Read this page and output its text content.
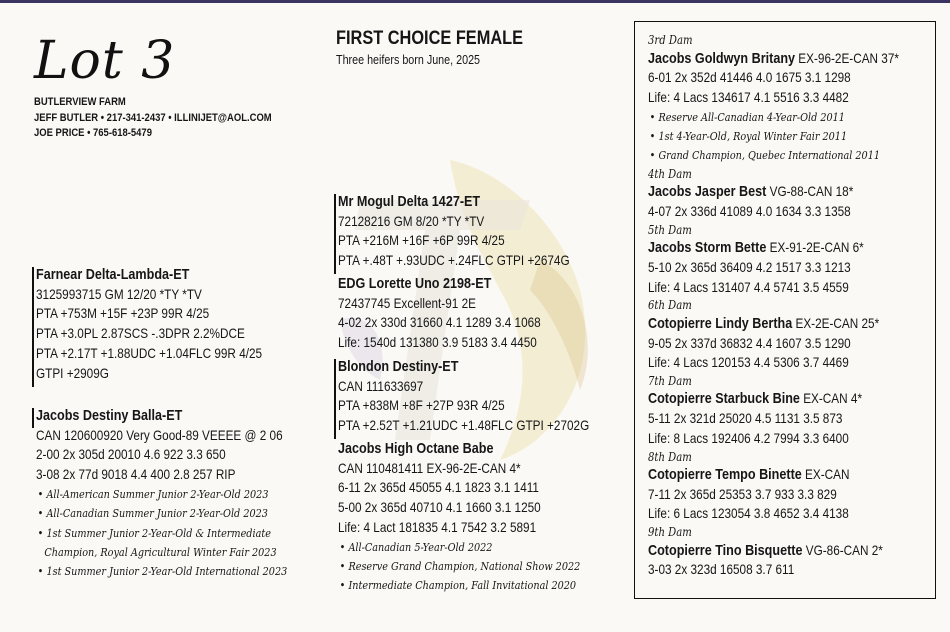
Lot 3
BUTLERVIEW FARM
JEFF BUTLER • 217-341-2437 • ILLINIJET@AOL.COM
JOE PRICE • 765-618-5479
FIRST CHOICE FEMALE
Three heifers born June, 2025
Farnear Delta-Lambda-ET
3125993715 GM 12/20 *TY *TV
PTA +753M +15F +23P 99R 4/25
PTA +3.0PL 2.87SCS -.3DPR 2.2%DCE
PTA +2.17T +1.88UDC +1.04FLC 99R 4/25
GTPI +2909G
Jacobs Destiny Balla-ET
CAN 120600920 Very Good-89 VEEEE @ 2 06
2-00 2x 305d 20010 4.6 922 3.3 650
3-08 2x 77d 9018 4.4 400 2.8 257 RIP
• All-American Summer Junior 2-Year-Old 2023
• All-Canadian Summer Junior 2-Year-Old 2023
• 1st Summer Junior 2-Year-Old & Intermediate
Champion, Royal Agricultural Winter Fair 2023
• 1st Summer Junior 2-Year-Old International 2023
Mr Mogul Delta 1427-ET
72128216 GM 8/20 *TY *TV
PTA +216M +16F +6P 99R 4/25
PTA +.48T +.93UDC +.24FLC GTPI +2674G
EDG Lorette Uno 2198-ET
72437745 Excellent-91 2E
4-02 2x 330d 31660 4.1 1289 3.4 1068
Life: 1540d 131380 3.9 5183 3.4 4450
Blondon Destiny-ET
CAN 111633697
PTA +838M +8F +27P 93R 4/25
PTA +2.52T +1.21UDC +1.48FLC GTPI +2702G
Jacobs High Octane Babe
CAN 110481411 EX-96-2E-CAN 4*
6-11 2x 365d 45055 4.1 1823 3.1 1411
5-00 2x 365d 40710 4.1 1660 3.1 1250
Life: 4 Lact 181835 4.1 7542 3.2 5891
• All-Canadian 5-Year-Old 2022
• Reserve Grand Champion, National Show 2022
• Intermediate Champion, Fall Invitational 2020
3rd Dam
Jacobs Goldwyn Britany EX-96-2E-CAN 37*
6-01 2x 352d 41446 4.0 1675 3.1 1298
Life: 4 Lacs 134617 4.1 5516 3.3 4482
• Reserve All-Canadian 4-Year-Old 2011
• 1st 4-Year-Old, Royal Winter Fair 2011
• Grand Champion, Quebec International 2011
4th Dam
Jacobs Jasper Best VG-88-CAN 18*
4-07 2x 336d 41089 4.0 1634 3.3 1358
5th Dam
Jacobs Storm Bette EX-91-2E-CAN 6*
5-10 2x 365d 36409 4.2 1517 3.3 1213
Life: 4 Lacs 131407 4.4 5741 3.5 4559
6th Dam
Cotopierre Lindy Bertha EX-2E-CAN 25*
9-05 2x 337d 36832 4.4 1607 3.5 1290
Life: 4 Lacs 120153 4.4 5306 3.7 4469
7th Dam
Cotopierre Starbuck Bine EX-CAN 4*
5-11 2x 321d 25020 4.5 1131 3.5 873
Life: 8 Lacs 192406 4.2 7994 3.3 6400
8th Dam
Cotopierre Tempo Binette EX-CAN
7-11 2x 365d 25353 3.7 933 3.3 829
Life: 6 Lacs 123054 3.8 4652 3.4 4138
9th Dam
Cotopierre Tino Bisquette VG-86-CAN 2*
3-03 2x 323d 16508 3.7 611
